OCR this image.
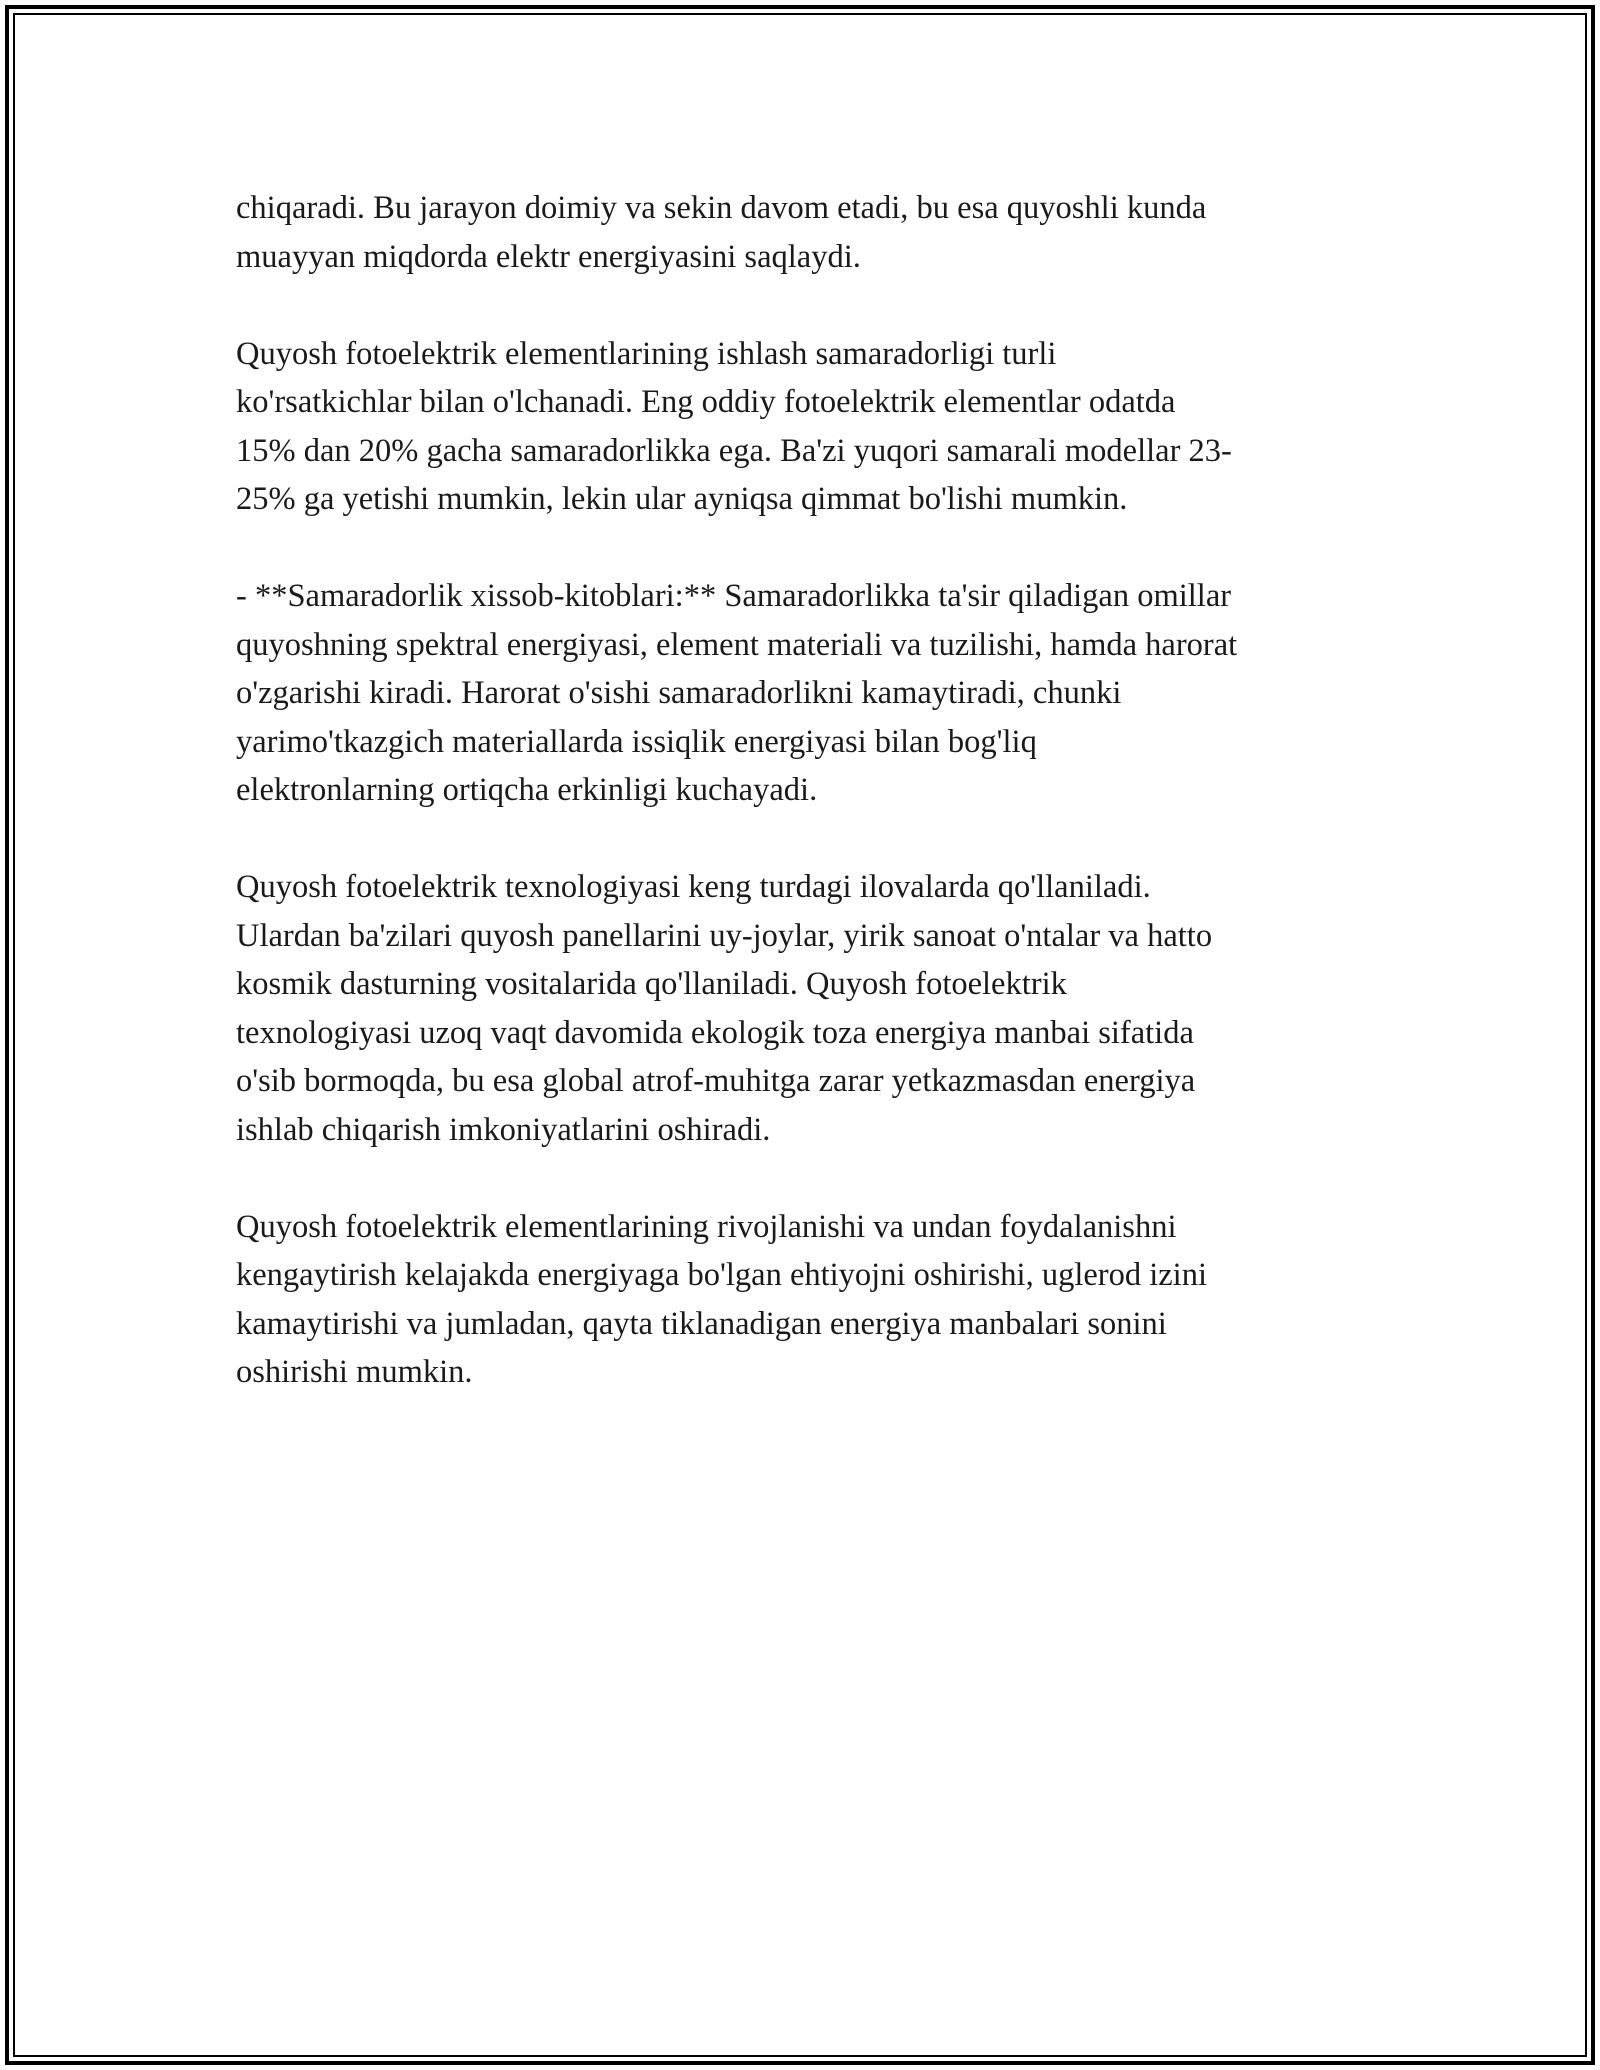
chiqaradi. Bu jarayon doimiy va sekin davom etadi, bu esa quyoshli kunda
muayyan miqdorda elektr energiyasini saqlaydi.

Quyosh fotoelektrik elementlarining ishlash samaradorligi turli
ko'rsatkichlar bilan o'lchanadi. Eng oddiy fotoelektrik elementlar odatda
15% dan 20% gacha samaradorlikka ega. Ba'zi yuqori samarali modellar 23-
25% ga yetishi mumkin, lekin ular ayniqsa qimmat bo'lishi mumkin.

- **Samaradorlik xissob-kitoblari:** Samaradorlikka ta'sir qiladigan omillar
quyoshning spektral energiyasi, element materiali va tuzilishi, hamda harorat
o'zgarishi kiradi. Harorat o'sishi samaradorlikni kamaytiradi, chunki
yarimo'tkazgich materiallarda issiqlik energiyasi bilan bog'liq
elektronlarning ortiqcha erkinligi kuchayadi.

Quyosh fotoelektrik texnologiyasi keng turdagi ilovalarda qo'llaniladi.
Ulardan ba'zilari quyosh panellarini uy-joylar, yirik sanoat o'ntalar va hatto
kosmik dasturning vositalarida qo'llaniladi. Quyosh fotoelektrik
texnologiyasi uzoq vaqt davomida ekologik toza energiya manbai sifatida
o'sib bormoqda, bu esa global atrof-muhitga zarar yetkazmasdan energiya
ishlab chiqarish imkoniyatlarini oshiradi.

Quyosh fotoelektrik elementlarining rivojlanishi va undan foydalanishni
kengaytirish kelajakda energiyaga bo'lgan ehtiyojni oshirishi, uglerod izini
kamaytirishi va jumladan, qayta tiklanadigan energiya manbalari sonini
oshirishi mumkin.
